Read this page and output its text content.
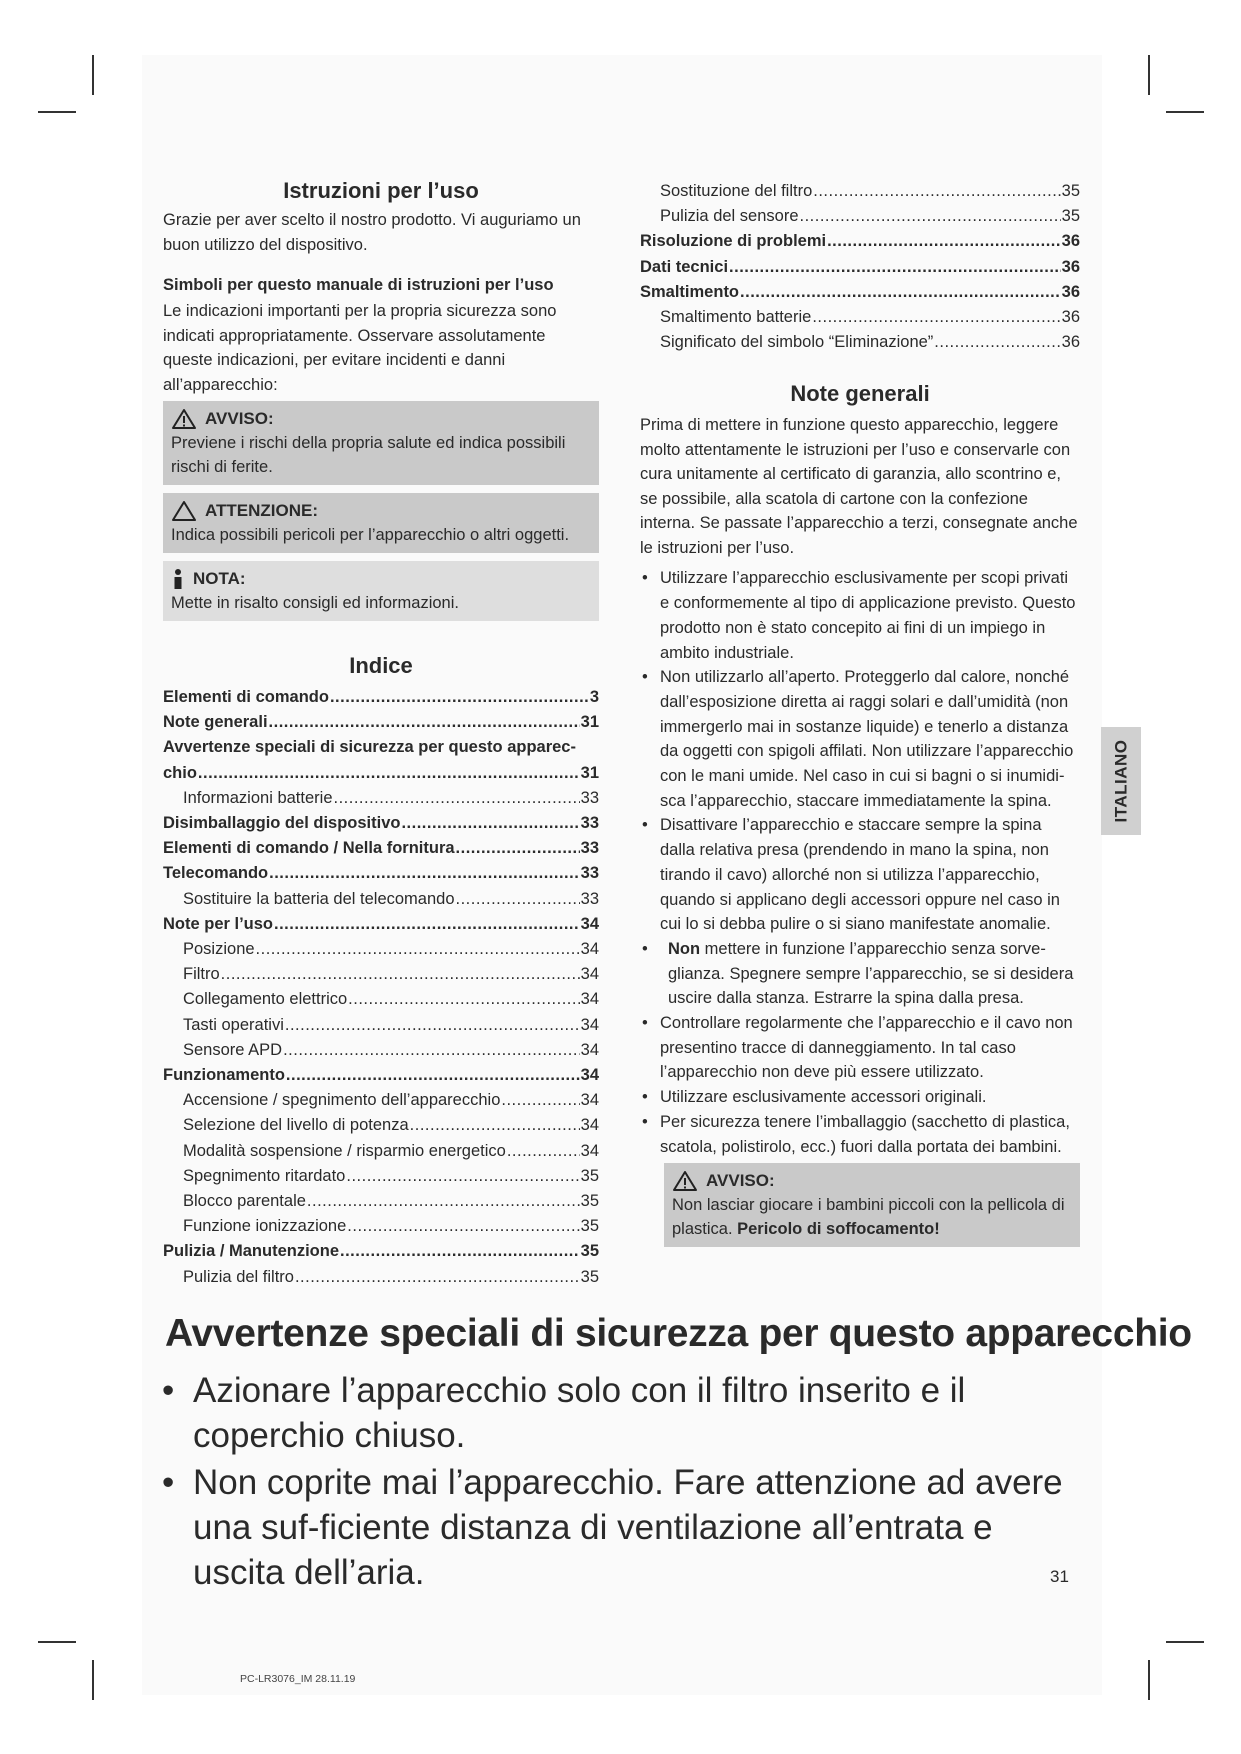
Istruzioni per l’uso

Grazie per aver scelto il nostro prodotto. Vi auguriamo un buon utilizzo del dispositivo.

Simboli per questo manuale di istruzioni per l’uso

Le indicazioni importanti per la propria sicurezza sono indicati appropriatamente. Osservare assolutamente queste indicazioni, per evitare incidenti e danni all’apparecchio:

AVVISO:
Previene i rischi della propria salute ed indica possibili rischi di ferite.
ATTENZIONE:
Indica possibili pericoli per l’apparecchio o altri oggetti.
NOTA:
Mette in risalto consigli ed informazioni.
Indice
Elementi di comando .....	3
Note generali .....	31
Avvertenze speciali di sicurezza per questo apparec-
chio .....	31
Informazioni batterie .....	33
Disimballaggio del dispositivo .....	33
Elementi di comando / Nella fornitura .....	33
Telecomando .....	33
Sostituire la batteria del telecomando .....	33
Note per l’uso .....	34
Posizione .....	34
Filtro .....	34
Collegamento elettrico .....	34
Tasti operativi .....	34
Sensore APD .....	34
Funzionamento .....	34
Accensione / spegnimento dell’apparecchio .....	34
Selezione del livello di potenza .....	34
Modalità sospensione / risparmio energetico .....	34
Spegnimento ritardato .....	35
Blocco parentale .....	35
Funzione ionizzazione .....	35
Pulizia / Manutenzione .....	35
Pulizia del filtro .....	35
Sostituzione del filtro .....	35
Pulizia del sensore .....	35
Risoluzione di problemi .....	36
Dati tecnici .....	36
Smaltimento .....	36
Smaltimento batterie .....	36
Significato del simbolo “Eliminazione” .....	36
Note generali

Prima di mettere in funzione questo apparecchio, leggere molto attentamente le istruzioni per l’uso e conservarle con cura unitamente al certificato di garanzia, allo scontrino e, se possibile, alla scatola di cartone con la confezione interna. Se passate l’apparecchio a terzi, consegnate anche le istruzioni per l’uso.

• Utilizzare l’apparecchio esclusivamente per scopi privati e conformemente al tipo di applicazione previsto. Questo prodotto non è stato concepito ai fini di un impiego in ambito industriale.
• Non utilizzarlo all’aperto. Proteggerlo dal calore, nonché dall’esposizione diretta ai raggi solari e dall’umidità (non immergerlo mai in sostanze liquide) e tenerlo a distanza da oggetti con spigoli affilati. Non utilizzare l’apparecchio con le mani umide. Nel caso in cui si bagni o si inumidi-sca l’apparecchio, staccare immediatamente la spina.
• Disattivare l’apparecchio e staccare sempre la spina dalla relativa presa (prendendo in mano la spina, non tirando il cavo) allorché non si utilizza l’apparecchio, quando si applicano degli accessori oppure nel caso in cui lo si debba pulire o si siano manifestate anomalie.
• Non mettere in funzione l’apparecchio senza sorve-glianza. Spegnere sempre l’apparecchio, se si desidera uscire dalla stanza. Estrarre la spina dalla presa.
• Controllare regolarmente che l’apparecchio e il cavo non presentino tracce di danneggiamento. In tal caso l’apparecchio non deve più essere utilizzato.
• Utilizzare esclusivamente accessori originali.
• Per sicurezza tenere l’imballaggio (sacchetto di plastica, scatola, polistirolo, ecc.) fuori dalla portata dei bambini.
AVVISO:
Non lasciar giocare i bambini piccoli con la pellicola di plastica. Pericolo di soffocamento!
ITALIANO
Avvertenze speciali di sicurezza per questo apparecchio
• Azionare l’apparecchio solo con il filtro inserito e il coperchio chiuso.
• Non coprite mai l’apparecchio. Fare attenzione ad avere una suf-ficiente distanza di ventilazione all’entrata e uscita dell’aria.	31
PC-LR3076_IM 28.11.19
